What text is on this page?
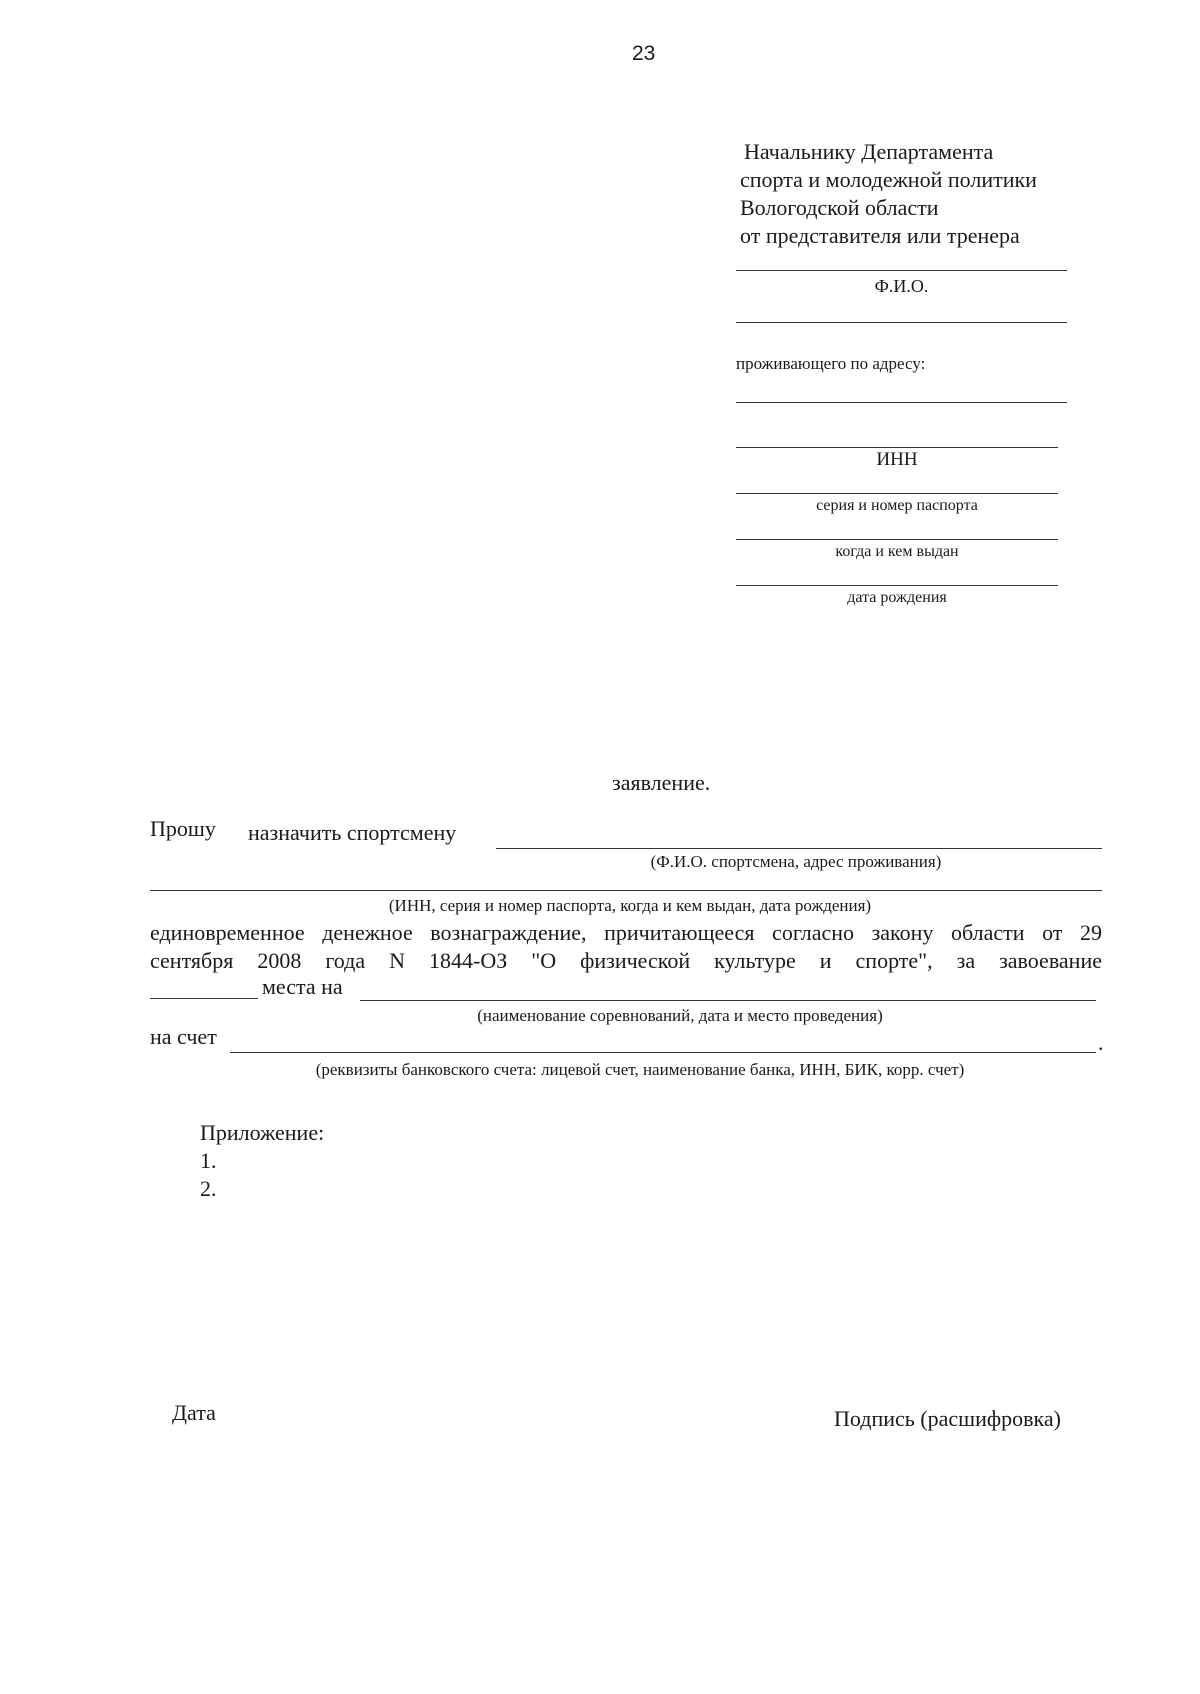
23
Начальнику Департамента
спорта и молодежной политики
Вологодской области
от представителя или тренера
Ф.И.О.
проживающего по адресу:
ИНН
серия и номер паспорта
когда и кем выдан
дата рождения
заявление.
Прошу назначить спортсмену
(Ф.И.О. спортсмена, адрес проживания)
(ИНН, серия и номер паспорта, когда и кем выдан, дата рождения)
единовременное денежное вознаграждение, причитающееся согласно закону области от 29
сентября 2008 года N 1844-ОЗ "О физической культуре и спорте", за завоевание
места на
(наименование соревнований, дата и место проведения)
на счет	.
(реквизиты банковского счета: лицевой счет, наименование банка, ИНН, БИК, корр. счет)
Приложение:
1.
2.
Дата	Подпись (расшифровка)
